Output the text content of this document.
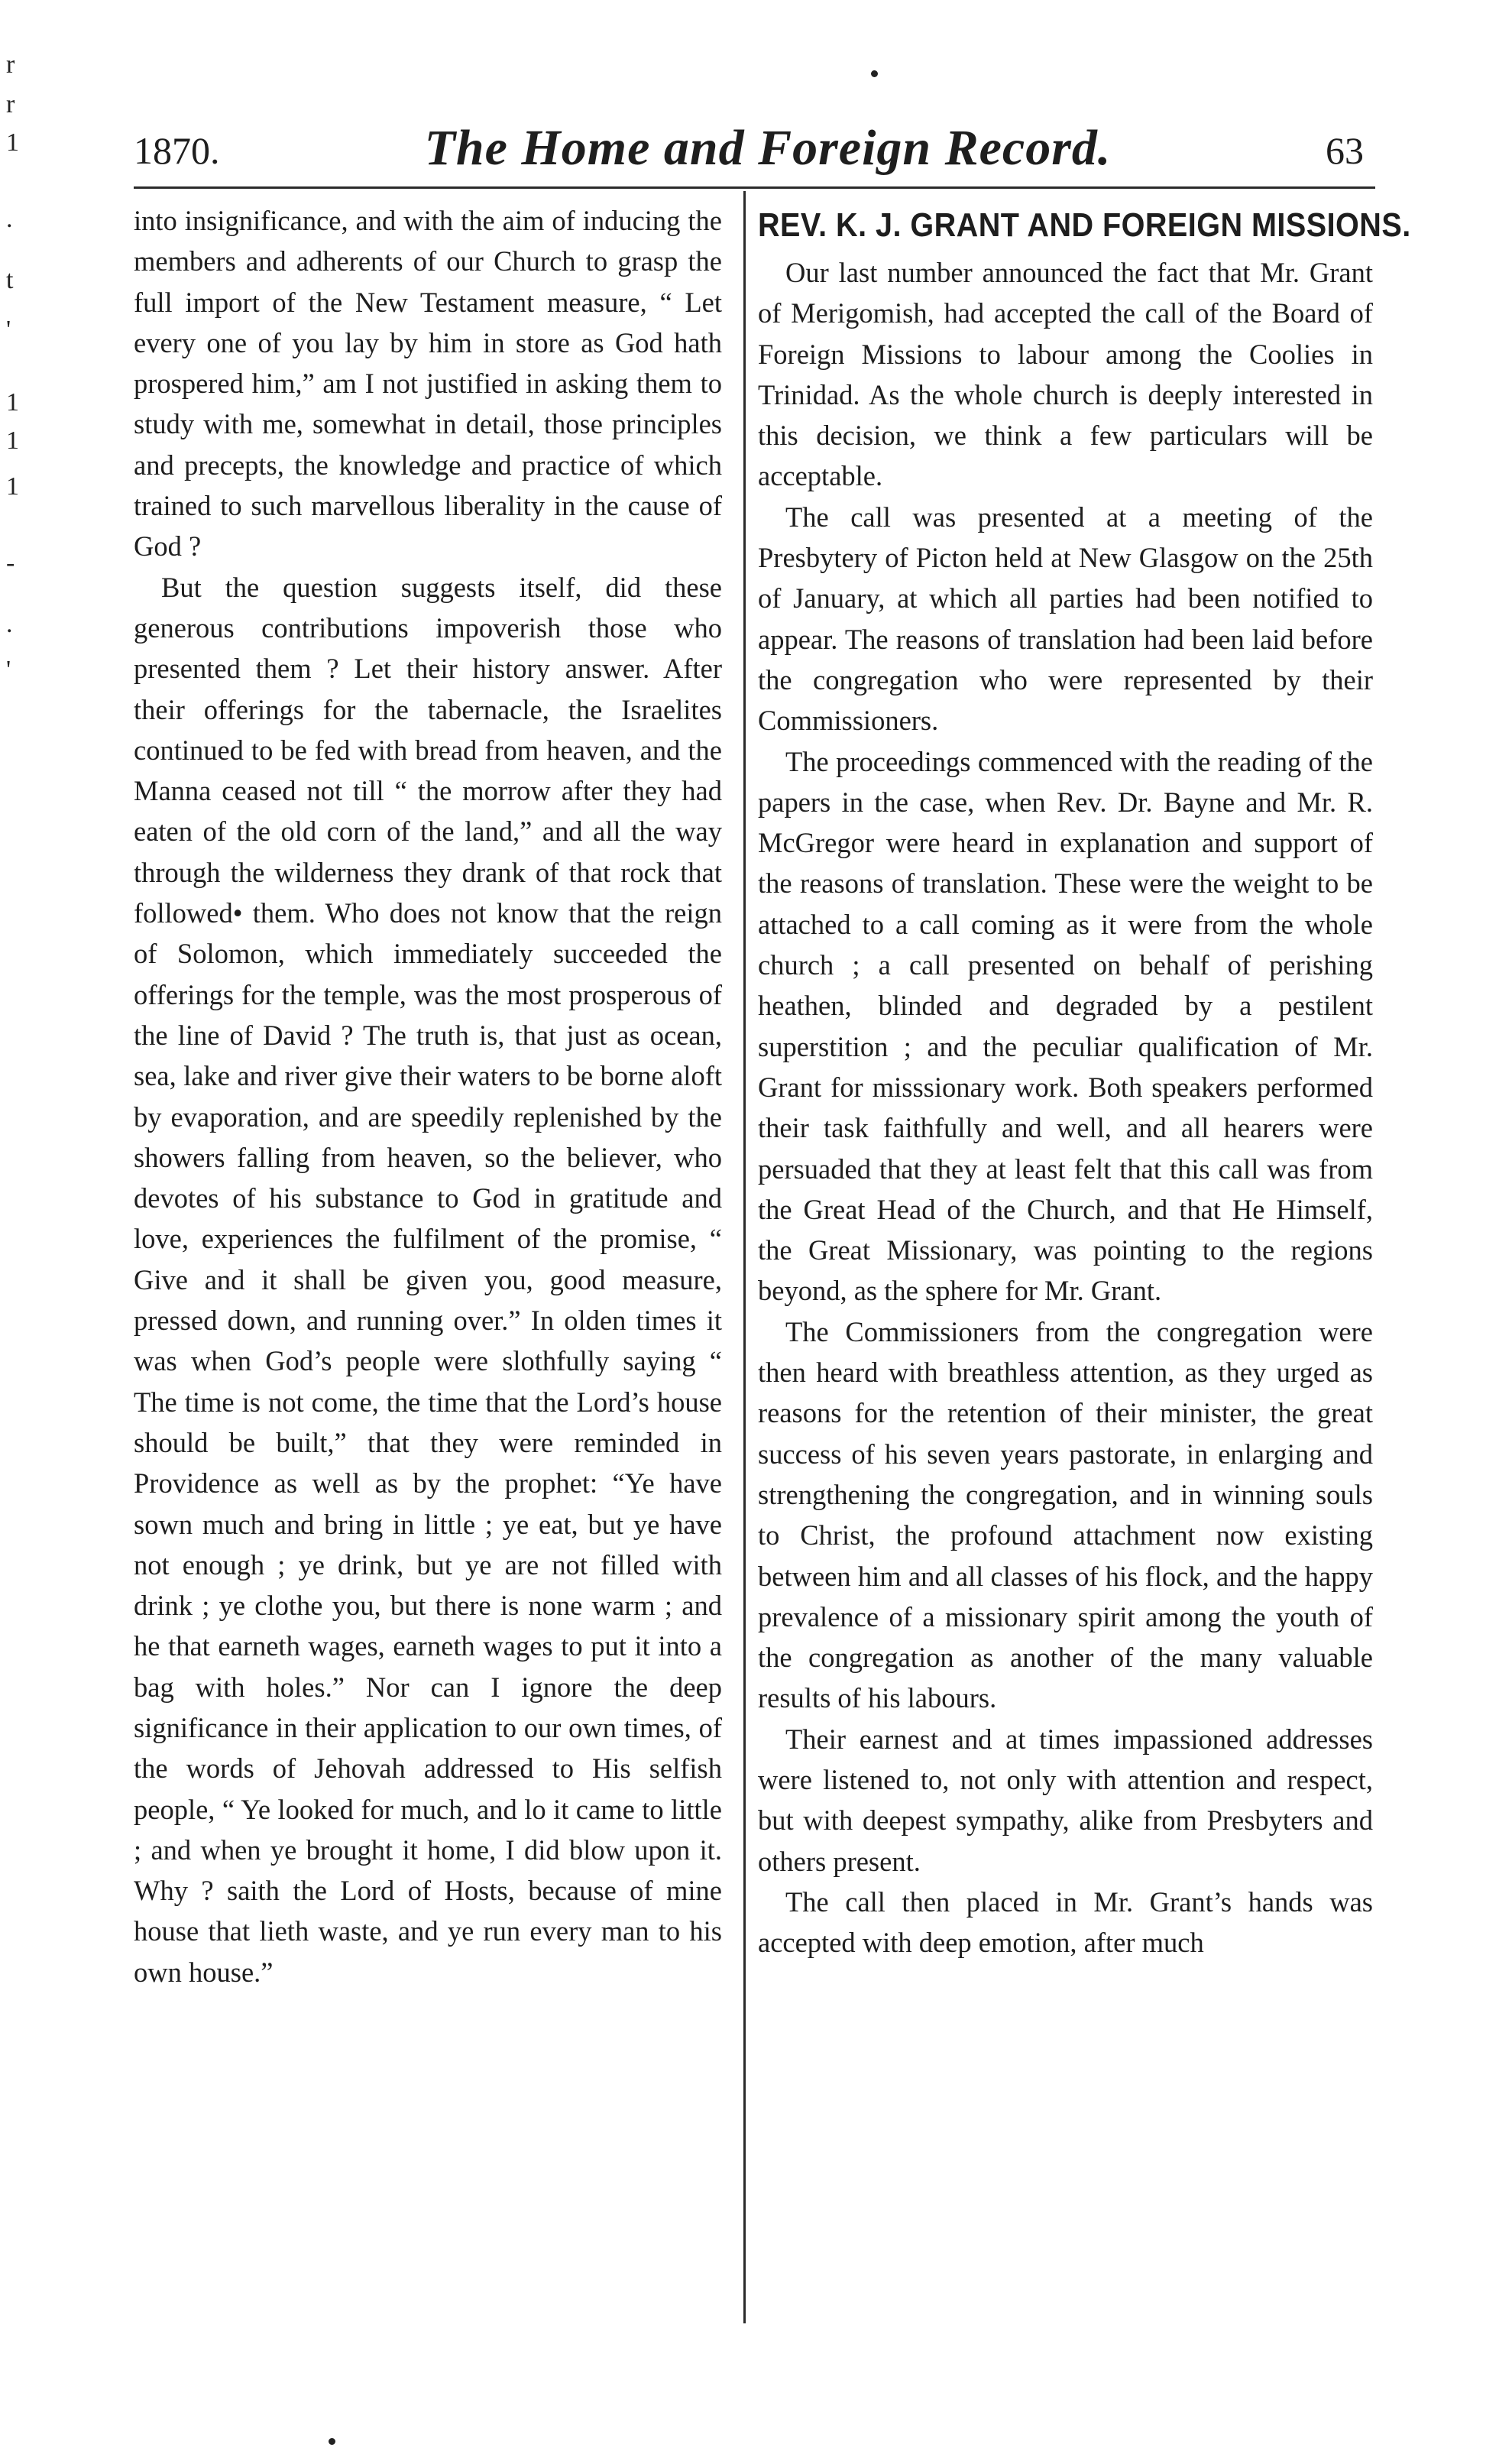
r
r
1
.
t
'
1
1
1
-
.
'
1870.	The Home and Foreign Record.	63

into insignificance, and with the aim of inducing the members and adherents of our Church to grasp the full import of the New Testament measure, “ Let every one of you lay by him in store as God hath prospered him,” am I not justified in asking them to study with me, somewhat in detail, those principles and precepts, the knowledge and practice of which trained to such marvellous liberality in the cause of God ?

But the question suggests itself, did these generous contributions impoverish those who presented them ? Let their history answer. After their offerings for the tabernacle, the Israelites continued to be fed with bread from heaven, and the Manna ceased not till “ the morrow after they had eaten of the old corn of the land,” and all the way through the wilderness they drank of that rock that followed• them. Who does not know that the reign of Solomon, which immediately succeeded the offerings for the temple, was the most prosperous of the line of David ? The truth is, that just as ocean, sea, lake and river give their waters to be borne aloft by evaporation, and are speedily replenished by the showers falling from heaven, so the believer, who devotes of his substance to God in gratitude and love, experiences the fulfilment of the promise, “ Give and it shall be given you, good measure, pressed down, and running over.” In olden times it was when God’s people were slothfully saying “ The time is not come, the time that the Lord’s house should be built,” that they were reminded in Providence as well as by the prophet: “Ye have sown much and bring in little ; ye eat, but ye have not enough ; ye drink, but ye are not filled with drink ; ye clothe you, but there is none warm ; and he that earneth wages, earneth wages to put it into a bag with holes.” Nor can I ignore the deep significance in their application to our own times, of the words of Jehovah addressed to His selfish people, “ Ye looked for much, and lo it came to little ; and when ye brought it home, I did blow upon it. Why ? saith the Lord of Hosts, because of mine house that lieth waste, and ye run every man to his own house.”

REV. K. J. GRANT AND FOREIGN MISSIONS.

Our last number announced the fact that Mr. Grant of Merigomish, had accepted the call of the Board of Foreign Missions to labour among the Coolies in Trinidad. As the whole church is deeply interested in this decision, we think a few particulars will be acceptable.

The call was presented at a meeting of the Presbytery of Picton held at New Glasgow on the 25th of January, at which all parties had been notified to appear. The reasons of translation had been laid before the congregation who were represented by their Commissioners.

The proceedings commenced with the reading of the papers in the case, when Rev. Dr. Bayne and Mr. R. McGregor were heard in explanation and support of the reasons of translation. These were the weight to be attached to a call coming as it were from the whole church ; a call presented on behalf of perishing heathen, blinded and degraded by a pestilent superstition ; and the peculiar qualification of Mr. Grant for misssionary work. Both speakers performed their task faithfully and well, and all hearers were persuaded that they at least felt that this call was from the Great Head of the Church, and that He Himself, the Great Missionary, was pointing to the regions beyond, as the sphere for Mr. Grant.

The Commissioners from the congregation were then heard with breathless attention, as they urged as reasons for the retention of their minister, the great success of his seven years pastorate, in enlarging and strengthening the congregation, and in winning souls to Christ, the profound attachment now existing between him and all classes of his flock, and the happy prevalence of a missionary spirit among the youth of the congregation as another of the many valuable results of his labours.

Their earnest and at times impassioned addresses were listened to, not only with attention and respect, but with deepest sympathy, alike from Presbyters and others present.

The call then placed in Mr. Grant’s hands was accepted with deep emotion, after much
